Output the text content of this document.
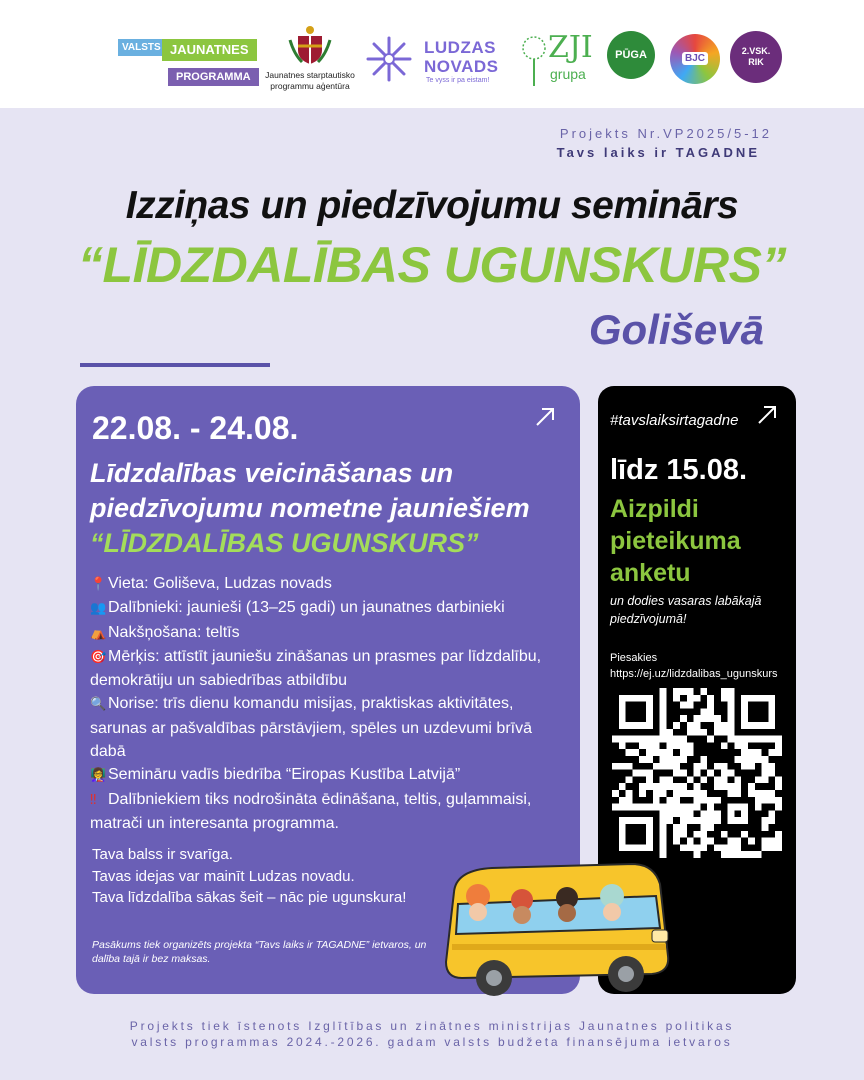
VALSTS JAUNATNES
PROGRAMMA	Jaunatnes starptautisko
programmu aģentūra
LUDZAS
NOVADS
Te vyss ir pa eistam!
ZJI
grupa
PŪGA	BJC
2.VSK.
RIK
Projekts Nr.VP2025/5-12
Tavs laiks ir TAGADNE
Izziņas un piedzīvojumu seminārs
“LĪDZDALĪBAS UGUNSKURS”
Goliševā
22.08. - 24.08.
Līdzdalības veicināšanas un
piedzīvojumu nometne jauniešiem
“LĪDZDALĪBAS UGUNSKURS”
📍 Vieta: Goliševa, Ludzas novads
👥 Dalībnieki: jaunieši (13–25 gadi) un jaunatnes darbinieki
⛺ Nakšņošana: teltīs
🎯 Mērķis: attīstīt jauniešu zināšanas un prasmes par līdzdalību, demokrātiju un sabiedrības atbildību
🔍 Norise: trīs dienu komandu misijas, praktiskas aktivitātes, sarunas ar pašvaldības pārstāvjiem, spēles un uzdevumi brīvā dabā
👩‍🏫 Semināru vadīs biedrība “Eiropas Kustība Latvijā”
‼ Dalībniekiem tiks nodrošināta ēdināšana, teltis, guļammaisi, matrači un interesanta programma.
Tava balss ir svarīga.
Tavas idejas var mainīt Ludzas novadu.
Tava līdzdalība sākas šeit – nāc pie ugunskura!
Pasākums tiek organizēts projekta “Tavs laiks ir TAGADNE” ietvaros, un dalība tajā ir bez maksas.
#tavslaiksirtagadne
līdz 15.08.
Aizpildi
pieteikuma
anketu
un dodies vasaras labākajā piedzīvojumā!
Piesakies
https://ej.uz/lidzdalibas_ugunskurs
Projekts tiek īstenots Izglītības un zinātnes ministrijas Jaunatnes politikas
valsts programmas 2024.-2026. gadam valsts budžeta finansējuma ietvaros
